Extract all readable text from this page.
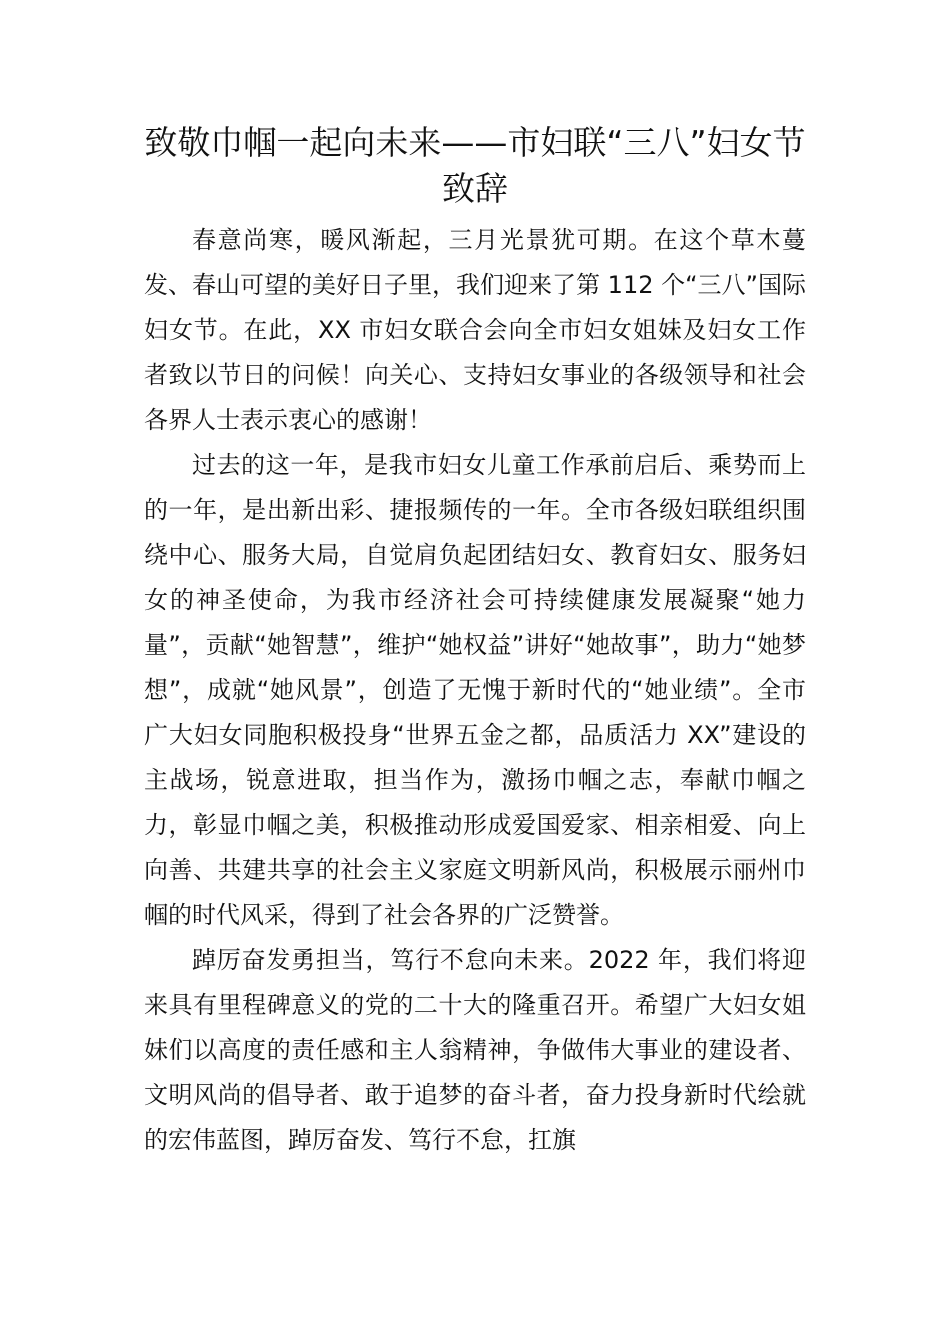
致敬巾帼一起向未来——市妇联“三八”妇女节致辞

春意尚寒，暖风渐起，三月光景犹可期。在这个草木蔓发、春山可望的美好日子里，我们迎来了第 112 个“三八”国际妇女节。在此，XX 市妇女联合会向全市妇女姐妹及妇女工作者致以节日的问候！向关心、支持妇女事业的各级领导和社会各界人士表示衷心的感谢！

过去的这一年，是我市妇女儿童工作承前启后、乘势而上的一年，是出新出彩、捷报频传的一年。全市各级妇联组织围绕中心、服务大局，自觉肩负起团结妇女、教育妇女、服务妇女的神圣使命，为我市经济社会可持续健康发展凝聚“她力量”，贡献“她智慧”，维护“她权益”讲好“她故事”，助力“她梦想”，成就“她风景”，创造了无愧于新时代的“她业绩”。全市广大妇女同胞积极投身“世界五金之都，品质活力 XX”建设的主战场，锐意进取，担当作为，激扬巾帼之志，奉献巾帼之力，彰显巾帼之美，积极推动形成爱国爱家、相亲相爱、向上向善、共建共享的社会主义家庭文明新风尚，积极展示丽州巾帼的时代风采，得到了社会各界的广泛赞誉。

踔厉奋发勇担当，笃行不怠向未来。2022 年，我们将迎来具有里程碑意义的党的二十大的隆重召开。希望广大妇女姐妹们以高度的责任感和主人翁精神，争做伟大事业的建设者、文明风尚的倡导者、敢于追梦的奋斗者，奋力投身新时代绘就的宏伟蓝图，踔厉奋发、笃行不怠，扛旗
